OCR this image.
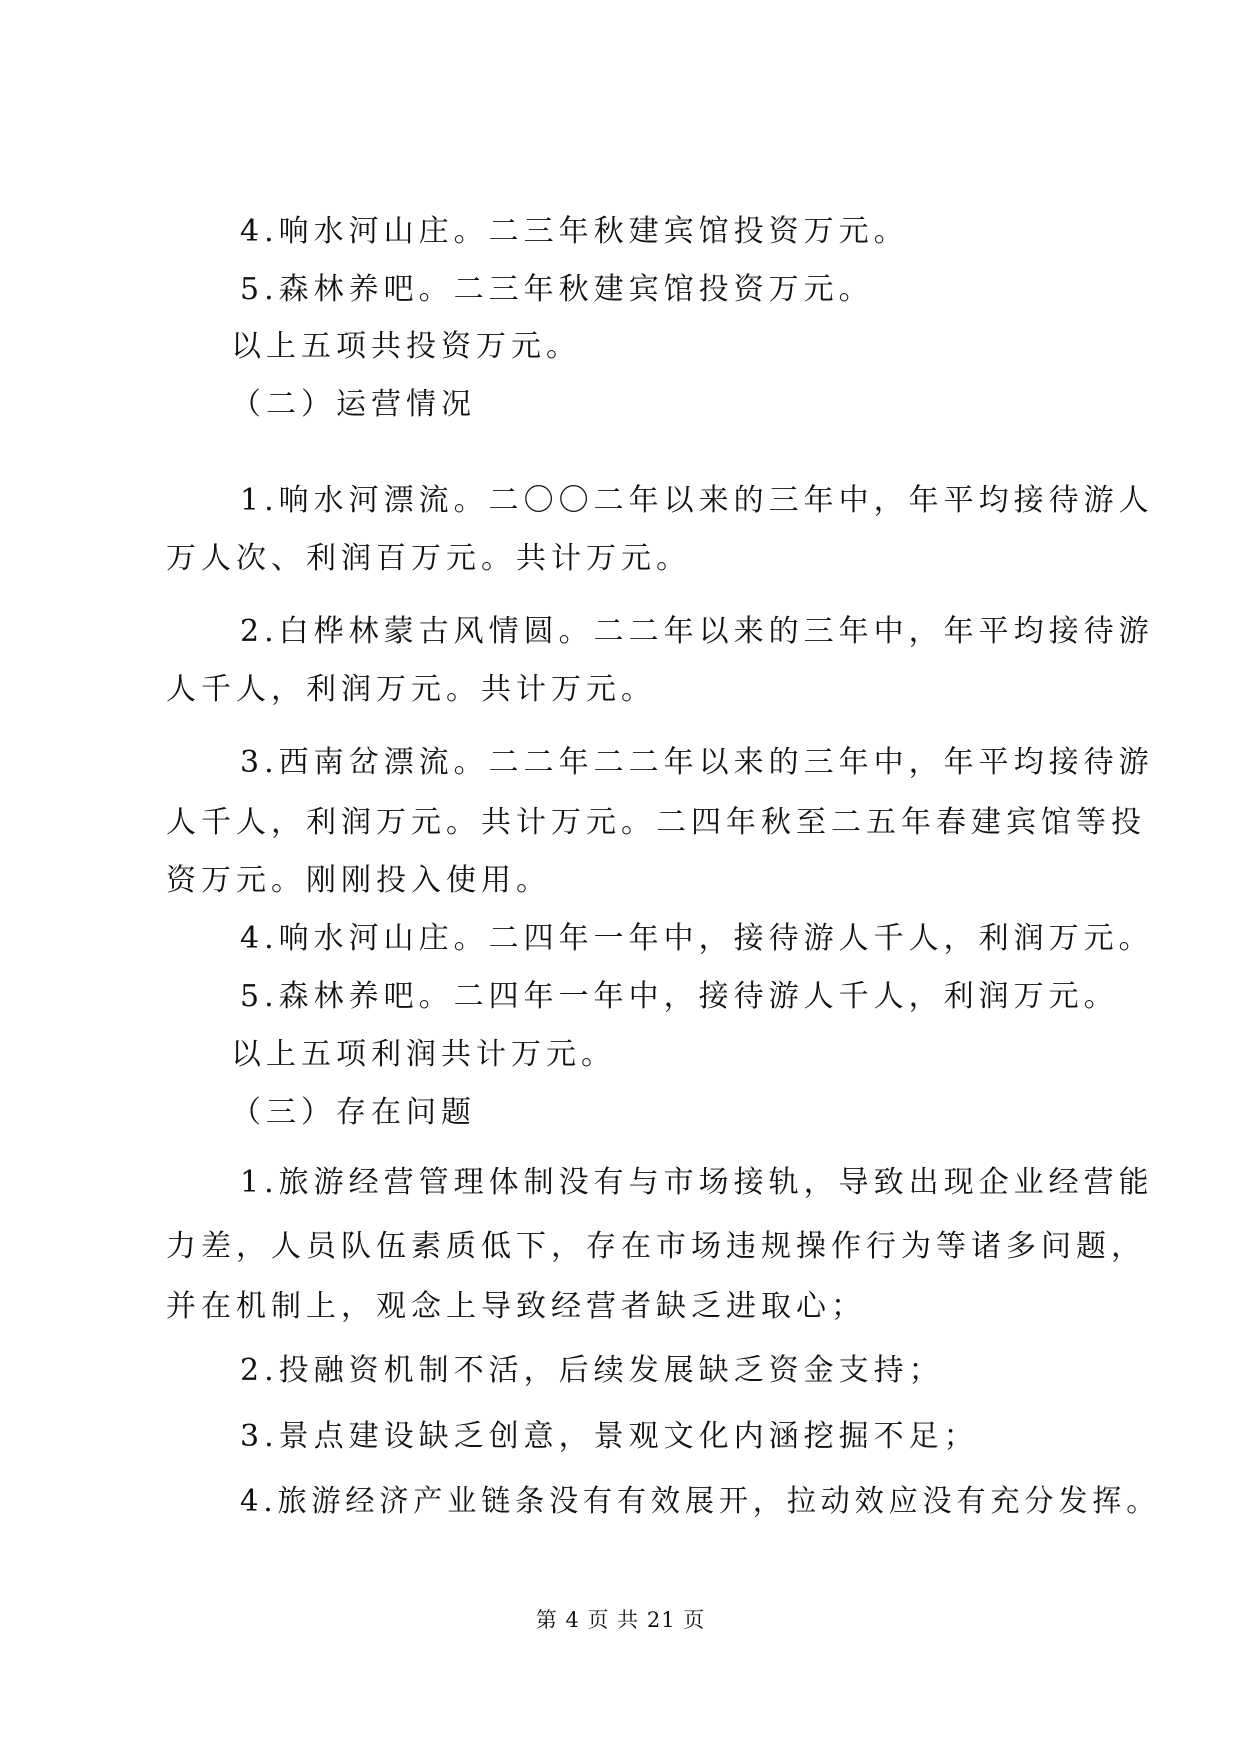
4.响水河山庄。二三年秋建宾馆投资万元。
5.森林养吧。二三年秋建宾馆投资万元。
以上五项共投资万元。
（二）运营情况
1.响水河漂流。二〇〇二年以来的三年中，年平均接待游人
万人次、利润百万元。共计万元。
2.白桦林蒙古风情圆。二二年以来的三年中，年平均接待游
人千人，利润万元。共计万元。
3.西南岔漂流。二二年二二年以来的三年中，年平均接待游
人千人，利润万元。共计万元。二四年秋至二五年春建宾馆等投
资万元。刚刚投入使用。
4.响水河山庄。二四年一年中，接待游人千人，利润万元。
5.森林养吧。二四年一年中，接待游人千人，利润万元。
以上五项利润共计万元。
（三）存在问题
1.旅游经营管理体制没有与市场接轨，导致出现企业经营能
力差，人员队伍素质低下，存在市场违规操作行为等诸多问题，
并在机制上，观念上导致经营者缺乏进取心；
2.投融资机制不活，后续发展缺乏资金支持；
3.景点建设缺乏创意，景观文化内涵挖掘不足；
4.旅游经济产业链条没有有效展开，拉动效应没有充分发挥。
第 4 页 共 21 页
